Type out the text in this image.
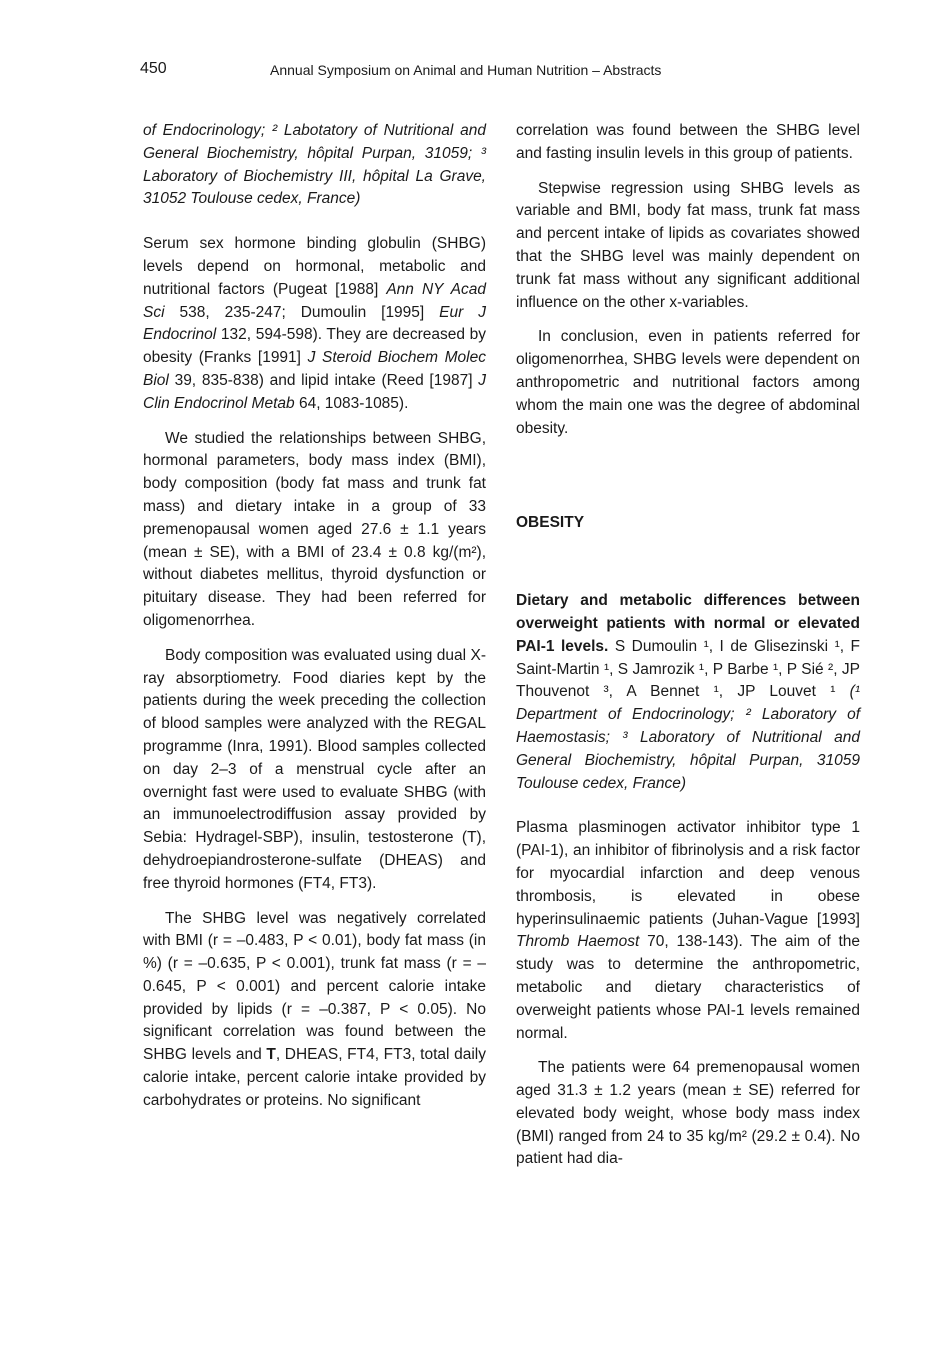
450	Annual Symposium on Animal and Human Nutrition – Abstracts

of Endocrinology; ² Labotatory of Nutritional and General Biochemistry, hôpital Purpan, 31059; ³ Laboratory of Biochemistry III, hôpital La Grave, 31052 Toulouse cedex, France)

Serum sex hormone binding globulin (SHBG) levels depend on hormonal, metabolic and nutritional factors (Pugeat [1988] Ann NY Acad Sci 538, 235-247; Dumoulin [1995] Eur J Endocrinol 132, 594-598). They are decreased by obesity (Franks [1991] J Steroid Biochem Molec Biol 39, 835-838) and lipid intake (Reed [1987] J Clin Endocrinol Metab 64, 1083-1085).

We studied the relationships between SHBG, hormonal parameters, body mass index (BMI), body composition (body fat mass and trunk fat mass) and dietary intake in a group of 33 premenopausal women aged 27.6 ± 1.1 years (mean ± SE), with a BMI of 23.4 ± 0.8 kg/(m²), without diabetes mellitus, thyroid dysfunction or pituitary disease. They had been referred for oligomenorrhea.

Body composition was evaluated using dual X-ray absorptiometry. Food diaries kept by the patients during the week preceding the collection of blood samples were analyzed with the REGAL programme (Inra, 1991). Blood samples collected on day 2–3 of a menstrual cycle after an overnight fast were used to evaluate SHBG (with an immunoelectrodiffusion assay provided by Sebia: Hydragel-SBP), insulin, testosterone (T), dehydroepiandrosterone-sulfate (DHEAS) and free thyroid hormones (FT4, FT3).

The SHBG level was negatively correlated with BMI (r = –0.483, P < 0.01), body fat mass (in %) (r = –0.635, P < 0.001), trunk fat mass (r = –0.645, P < 0.001) and percent calorie intake provided by lipids (r = –0.387, P < 0.05). No significant correlation was found between the SHBG levels and T, DHEAS, FT4, FT3, total daily calorie intake, percent calorie intake provided by carbohydrates or proteins. No significant

correlation was found between the SHBG level and fasting insulin levels in this group of patients.

Stepwise regression using SHBG levels as variable and BMI, body fat mass, trunk fat mass and percent intake of lipids as covariates showed that the SHBG level was mainly dependent on trunk fat mass without any significant additional influence on the other x-variables.

In conclusion, even in patients referred for oligomenorrhea, SHBG levels were dependent on anthropometric and nutritional factors among whom the main one was the degree of abdominal obesity.

OBESITY

Dietary and metabolic differences between overweight patients with normal or elevated PAI-1 levels. S Dumoulin ¹, I de Glisezinski ¹, F Saint-Martin ¹, S Jamrozik ¹, P Barbe ¹, P Sié ², JP Thouvenot ³, A Bennet ¹, JP Louvet ¹ (¹ Department of Endocrinology; ² Laboratory of Haemostasis; ³ Laboratory of Nutritional and General Biochemistry, hôpital Purpan, 31059 Toulouse cedex, France)

Plasma plasminogen activator inhibitor type 1 (PAI-1), an inhibitor of fibrinolysis and a risk factor for myocardial infarction and deep venous thrombosis, is elevated in obese hyperinsulinaemic patients (Juhan-Vague [1993] Thromb Haemost 70, 138-143). The aim of the study was to determine the anthropometric, metabolic and dietary characteristics of overweight patients whose PAI-1 levels remained normal.

The patients were 64 premenopausal women aged 31.3 ± 1.2 years (mean ± SE) referred for elevated body weight, whose body mass index (BMI) ranged from 24 to 35 kg/m² (29.2 ± 0.4). No patient had dia-
